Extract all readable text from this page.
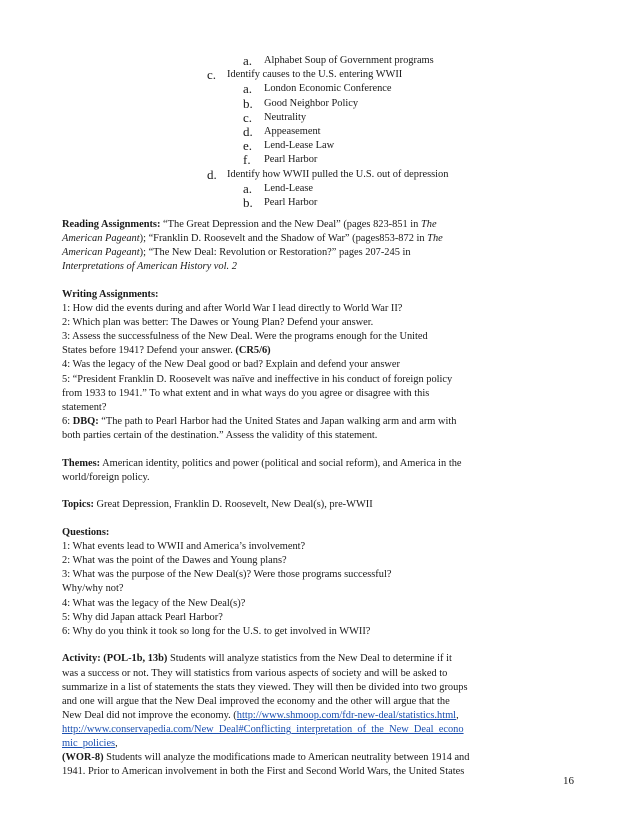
a. Alphabet Soup of Government programs
c. Identify causes to the U.S. entering WWII
a. London Economic Conference
b. Good Neighbor Policy
c. Neutrality
d. Appeasement
e. Lend-Lease Law
f. Pearl Harbor
d. Identify how WWII pulled the U.S. out of depression
a. Lend-Lease
b. Pearl Harbor

Reading Assignments: “The Great Depression and the New Deal” (pages 823-851 in The
American Pageant); “Franklin D. Roosevelt and the Shadow of War” (pages853-872 in The
American Pageant); “The New Deal: Revolution or Restoration?” pages 207-245 in
Interpretations of American History vol. 2

Writing Assignments:
1: How did the events during and after World War I lead directly to World War II?
2: Which plan was better: The Dawes or Young Plan? Defend your answer.
3: Assess the successfulness of the New Deal. Were the programs enough for the United
States before 1941? Defend your answer. (CR5/6)
4: Was the legacy of the New Deal good or bad? Explain and defend your answer
5: “President Franklin D. Roosevelt was naïve and ineffective in his conduct of foreign policy
from 1933 to 1941.” To what extent and in what ways do you agree or disagree with this
statement?
6: DBQ: “The path to Pearl Harbor had the United States and Japan walking arm and arm with
both parties certain of the destination.” Assess the validity of this statement.

Themes: American identity, politics and power (political and social reform), and America in the
world/foreign policy.

Topics: Great Depression, Franklin D. Roosevelt, New Deal(s), pre-WWII

Questions:
1: What events lead to WWII and America’s involvement?
2: What was the point of the Dawes and Young plans?
3: What was the purpose of the New Deal(s)? Were those programs successful?
Why/why not?
4: What was the legacy of the New Deal(s)?
5: Why did Japan attack Pearl Harbor?
6: Why do you think it took so long for the U.S. to get involved in WWII?

Activity: (POL-1b, 13b) Students will analyze statistics from the New Deal to determine if it
was a success or not. They will statistics from various aspects of society and will be asked to
summarize in a list of statements the stats they viewed. They will then be divided into two groups
and one will argue that the New Deal improved the economy and the other will argue that the
New Deal did not improve the economy. (http://www.shmoop.com/fdr-new-deal/statistics.html,
http://www.conservapedia.com/New_Deal#Conflicting_interpretation_of_the_New_Deal_econo
mic_policies,
(WOR-8) Students will analyze the modifications made to American neutrality between 1914 and
1941. Prior to American involvement in both the First and Second World Wars, the United States

16
